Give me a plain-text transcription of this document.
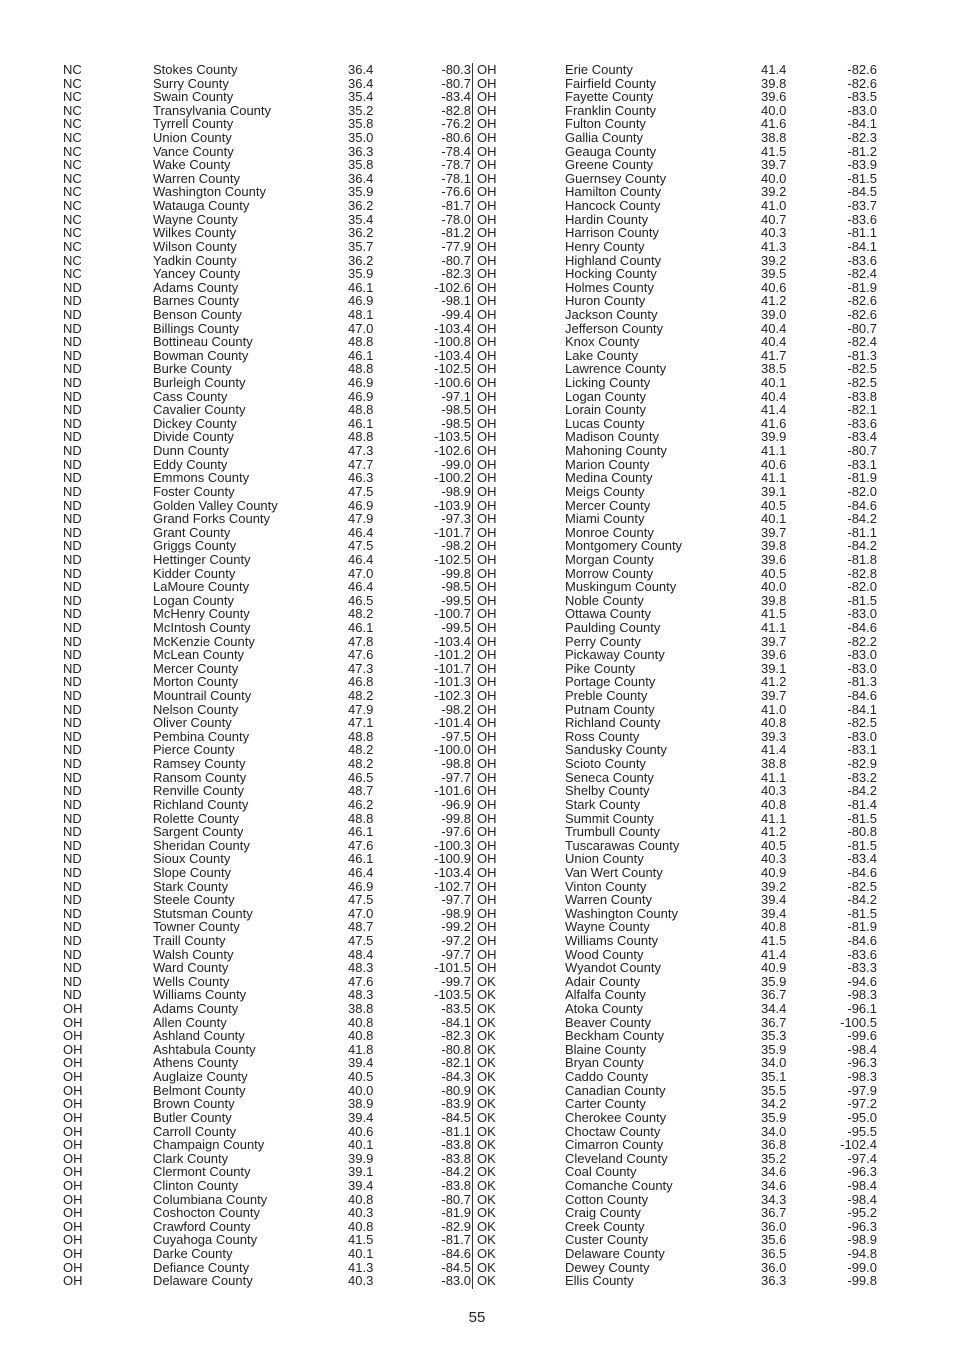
NC	Stokes County	36.4	-80.3
NC	Surry County	36.4	-80.7
NC	Swain County	35.4	-83.4
NC	Transylvania County	35.2	-82.8
NC	Tyrrell County	35.8	-76.2
NC	Union County	35.0	-80.6
NC	Vance County	36.3	-78.4
NC	Wake County	35.8	-78.7
NC	Warren County	36.4	-78.1
NC	Washington County	35.9	-76.6
NC	Watauga County	36.2	-81.7
NC	Wayne County	35.4	-78.0
NC	Wilkes County	36.2	-81.2
NC	Wilson County	35.7	-77.9
NC	Yadkin County	36.2	-80.7
NC	Yancey County	35.9	-82.3
ND	Adams County	46.1	-102.6
ND	Barnes County	46.9	-98.1
ND	Benson County	48.1	-99.4
ND	Billings County	47.0	-103.4
ND	Bottineau County	48.8	-100.8
ND	Bowman County	46.1	-103.4
ND	Burke County	48.8	-102.5
ND	Burleigh County	46.9	-100.6
ND	Cass County	46.9	-97.1
ND	Cavalier County	48.8	-98.5
ND	Dickey County	46.1	-98.5
ND	Divide County	48.8	-103.5
ND	Dunn County	47.3	-102.6
ND	Eddy County	47.7	-99.0
ND	Emmons County	46.3	-100.2
ND	Foster County	47.5	-98.9
ND	Golden Valley County	46.9	-103.9
ND	Grand Forks County	47.9	-97.3
ND	Grant County	46.4	-101.7
ND	Griggs County	47.5	-98.2
ND	Hettinger County	46.4	-102.5
ND	Kidder County	47.0	-99.8
ND	LaMoure County	46.4	-98.5
ND	Logan County	46.5	-99.5
ND	McHenry County	48.2	-100.7
ND	McIntosh County	46.1	-99.5
ND	McKenzie County	47.8	-103.4
ND	McLean County	47.6	-101.2
ND	Mercer County	47.3	-101.7
ND	Morton County	46.8	-101.3
ND	Mountrail County	48.2	-102.3
ND	Nelson County	47.9	-98.2
ND	Oliver County	47.1	-101.4
ND	Pembina County	48.8	-97.5
ND	Pierce County	48.2	-100.0
ND	Ramsey County	48.2	-98.8
ND	Ransom County	46.5	-97.7
ND	Renville County	48.7	-101.6
ND	Richland County	46.2	-96.9
ND	Rolette County	48.8	-99.8
ND	Sargent County	46.1	-97.6
ND	Sheridan County	47.6	-100.3
ND	Sioux County	46.1	-100.9
ND	Slope County	46.4	-103.4
ND	Stark County	46.9	-102.7
ND	Steele County	47.5	-97.7
ND	Stutsman County	47.0	-98.9
ND	Towner County	48.7	-99.2
ND	Traill County	47.5	-97.2
ND	Walsh County	48.4	-97.7
ND	Ward County	48.3	-101.5
ND	Wells County	47.6	-99.7
ND	Williams County	48.3	-103.5
OH	Adams County	38.8	-83.5
OH	Allen County	40.8	-84.1
OH	Ashland County	40.8	-82.3
OH	Ashtabula County	41.8	-80.8
OH	Athens County	39.4	-82.1
OH	Auglaize County	40.5	-84.3
OH	Belmont County	40.0	-80.9
OH	Brown County	38.9	-83.9
OH	Butler County	39.4	-84.5
OH	Carroll County	40.6	-81.1
OH	Champaign County	40.1	-83.8
OH	Clark County	39.9	-83.8
OH	Clermont County	39.1	-84.2
OH	Clinton County	39.4	-83.8
OH	Columbiana County	40.8	-80.7
OH	Coshocton County	40.3	-81.9
OH	Crawford County	40.8	-82.9
OH	Cuyahoga County	41.5	-81.7
OH	Darke County	40.1	-84.6
OH	Defiance County	41.3	-84.5
OH	Delaware County	40.3	-83.0
OH	Erie County	41.4	-82.6
OH	Fairfield County	39.8	-82.6
OH	Fayette County	39.6	-83.5
OH	Franklin County	40.0	-83.0
OH	Fulton County	41.6	-84.1
OH	Gallia County	38.8	-82.3
OH	Geauga County	41.5	-81.2
OH	Greene County	39.7	-83.9
OH	Guernsey County	40.0	-81.5
OH	Hamilton County	39.2	-84.5
OH	Hancock County	41.0	-83.7
OH	Hardin County	40.7	-83.6
OH	Harrison County	40.3	-81.1
OH	Henry County	41.3	-84.1
OH	Highland County	39.2	-83.6
OH	Hocking County	39.5	-82.4
OH	Holmes County	40.6	-81.9
OH	Huron County	41.2	-82.6
OH	Jackson County	39.0	-82.6
OH	Jefferson County	40.4	-80.7
OH	Knox County	40.4	-82.4
OH	Lake County	41.7	-81.3
OH	Lawrence County	38.5	-82.5
OH	Licking County	40.1	-82.5
OH	Logan County	40.4	-83.8
OH	Lorain County	41.4	-82.1
OH	Lucas County	41.6	-83.6
OH	Madison County	39.9	-83.4
OH	Mahoning County	41.1	-80.7
OH	Marion County	40.6	-83.1
OH	Medina County	41.1	-81.9
OH	Meigs County	39.1	-82.0
OH	Mercer County	40.5	-84.6
OH	Miami County	40.1	-84.2
OH	Monroe County	39.7	-81.1
OH	Montgomery County	39.8	-84.2
OH	Morgan County	39.6	-81.8
OH	Morrow County	40.5	-82.8
OH	Muskingum County	40.0	-82.0
OH	Noble County	39.8	-81.5
OH	Ottawa County	41.5	-83.0
OH	Paulding County	41.1	-84.6
OH	Perry County	39.7	-82.2
OH	Pickaway County	39.6	-83.0
OH	Pike County	39.1	-83.0
OH	Portage County	41.2	-81.3
OH	Preble County	39.7	-84.6
OH	Putnam County	41.0	-84.1
OH	Richland County	40.8	-82.5
OH	Ross County	39.3	-83.0
OH	Sandusky County	41.4	-83.1
OH	Scioto County	38.8	-82.9
OH	Seneca County	41.1	-83.2
OH	Shelby County	40.3	-84.2
OH	Stark County	40.8	-81.4
OH	Summit County	41.1	-81.5
OH	Trumbull County	41.2	-80.8
OH	Tuscarawas County	40.5	-81.5
OH	Union County	40.3	-83.4
OH	Van Wert County	40.9	-84.6
OH	Vinton County	39.2	-82.5
OH	Warren County	39.4	-84.2
OH	Washington County	39.4	-81.5
OH	Wayne County	40.8	-81.9
OH	Williams County	41.5	-84.6
OH	Wood County	41.4	-83.6
OH	Wyandot County	40.9	-83.3
OK	Adair County	35.9	-94.6
OK	Alfalfa County	36.7	-98.3
OK	Atoka County	34.4	-96.1
OK	Beaver County	36.7	-100.5
OK	Beckham County	35.3	-99.6
OK	Blaine County	35.9	-98.4
OK	Bryan County	34.0	-96.3
OK	Caddo County	35.1	-98.3
OK	Canadian County	35.5	-97.9
OK	Carter County	34.2	-97.2
OK	Cherokee County	35.9	-95.0
OK	Choctaw County	34.0	-95.5
OK	Cimarron County	36.8	-102.4
OK	Cleveland County	35.2	-97.4
OK	Coal County	34.6	-96.3
OK	Comanche County	34.6	-98.4
OK	Cotton County	34.3	-98.4
OK	Craig County	36.7	-95.2
OK	Creek County	36.0	-96.3
OK	Custer County	35.6	-98.9
OK	Delaware County	36.5	-94.8
OK	Dewey County	36.0	-99.0
OK	Ellis County	36.3	-99.8
55
